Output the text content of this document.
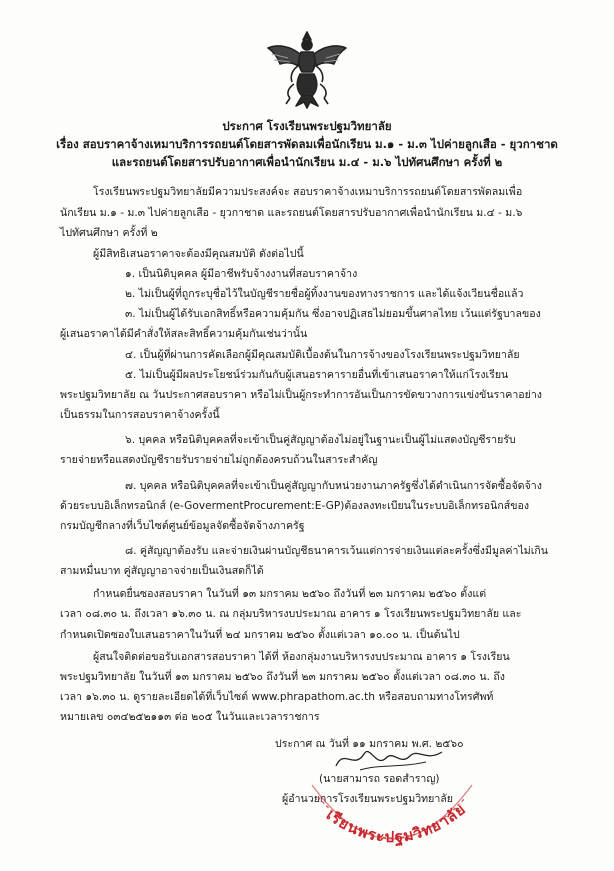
ประกาศ โรงเรียนพระปฐมวิทยาลัย
เรื่อง สอบราคาจ้างเหมาบริการรถยนต์โดยสารพัดลมเพื่อนักเรียน ม.๑ - ม.๓ ไปค่ายลูกเสือ - ยุวกาชาด
และรถยนต์โดยสารปรับอากาศเพื่อนำนักเรียน ม.๔ - ม.๖ ไปทัศนศึกษา ครั้งที่ ๒
โรงเรียนพระปฐมวิทยาลัยมีความประสงค์จะ สอบราคาจ้างเหมาบริการรถยนต์โดยสารพัดลมเพื่อ
นักเรียน ม.๑ - ม.๓ ไปค่ายลูกเสือ - ยุวกาชาด และรถยนต์โดยสารปรับอากาศเพื่อนำนักเรียน ม.๔ - ม.๖
ไปทัศนศึกษา ครั้งที่ ๒
ผู้มีสิทธิเสนอราคาจะต้องมีคุณสมบัติ ดังต่อไปนี้
๑. เป็นนิติบุคคล ผู้มีอาชีพรับจ้างงานที่สอบราคาจ้าง
๒. ไม่เป็นผู้ที่ถูกระบุชื่อไว้ในบัญชีรายชื่อผู้ทิ้งงานของทางราชการ และได้แจ้งเวียนชื่อแล้ว
๓. ไม่เป็นผู้ได้รับเอกสิทธิ์หรือความคุ้มกัน ซึ่งอาจปฏิเสธไม่ยอมขึ้นศาลไทย เว้นแต่รัฐบาลของ
ผู้เสนอราคาได้มีคำสั่งให้สละสิทธิ์ความคุ้มกันเช่นว่านั้น
๔. เป็นผู้ที่ผ่านการคัดเลือกผู้มีคุณสมบัติเบื้องต้นในการจ้างของโรงเรียนพระปฐมวิทยาลัย
๕. ไม่เป็นผู้มีผลประโยชน์ร่วมกันกับผู้เสนอราคารายอื่นที่เข้าเสนอราคาให้แก่โรงเรียน
พระปฐมวิทยาลัย ณ วันประกาศสอบราคา หรือไม่เป็นผู้กระทำการอันเป็นการขัดขวางการแข่งขันราคาอย่าง
เป็นธรรมในการสอบราคาจ้างครั้งนี้
๖. บุคคล หรือนิติบุคคลที่จะเข้าเป็นคู่สัญญาต้องไม่อยู่ในฐานะเป็นผู้ไม่แสดงบัญชีรายรับ
รายจ่ายหรือแสดงบัญชีรายรับรายจ่ายไม่ถูกต้องครบถ้วนในสาระสำคัญ
๗. บุคคล หรือนิติบุคคลที่จะเข้าเป็นคู่สัญญากับหน่วยงานภาครัฐซึ่งได้ดำเนินการจัดซื้อจัดจ้าง
ด้วยระบบอิเล็กทรอนิกส์ (e-GovermentProcurement:E-GP)ต้องลงทะเบียนในระบบอิเล็กทรอนิกส์ของ
กรมบัญชีกลางที่เว็บไซต์ศูนย์ข้อมูลจัดซื้อจัดจ้างภาครัฐ
๘. คู่สัญญาต้องรับ และจ่ายเงินผ่านบัญชีธนาคารเว้นแต่การจ่ายเงินแต่ละครั้งซึ่งมีมูลค่าไม่เกิน
สามหมื่นบาท คู่สัญญาอาจจ่ายเป็นเงินสดก็ได้
กำหนดยื่นซองสอบราคา ในวันที่ ๑๓ มกราคม ๒๕๖๐ ถึงวันที่ ๒๓ มกราคม ๒๕๖๐ ตั้งแต่
เวลา ๐๘.๓๐ น. ถึงเวลา ๑๖.๓๐ น. ณ กลุ่มบริหารงบประมาณ อาคาร ๑ โรงเรียนพระปฐมวิทยาลัย และ
กำหนดเปิดซองใบเสนอราคาในวันที่ ๒๔ มกราคม ๒๕๖๐ ตั้งแต่เวลา ๑๐.๐๐ น. เป็นต้นไป
ผู้สนใจติดต่อขอรับเอกสารสอบราคา ได้ที่ ห้องกลุ่มงานบริหารงบประมาณ อาคาร ๑ โรงเรียน
พระปฐมวิทยาลัย ในวันที่ ๑๓ มกราคม ๒๕๖๐ ถึงวันที่ ๒๓ มกราคม ๒๕๖๐ ตั้งแต่เวลา ๐๘.๓๐ น. ถึง
เวลา ๑๖.๓๐ น. ดูรายละเอียดได้ที่เว็บไซต์ www.phrapathom.ac.th หรือสอบถามทางโทรศัพท์
หมายเลข ๐๓๔๒๕๒๑๑๓ ต่อ ๒๐๕ ในวันและเวลาราชการ
ประกาศ ณ วันที่ ๑๑ มกราคม พ.ศ. ๒๕๖๐
(นายสามารถ รอดสำราญ)
ผู้อำนวยการโรงเรียนพระปฐมวิทยาลัย
เรียนพระปฐมวิทยาลัย
